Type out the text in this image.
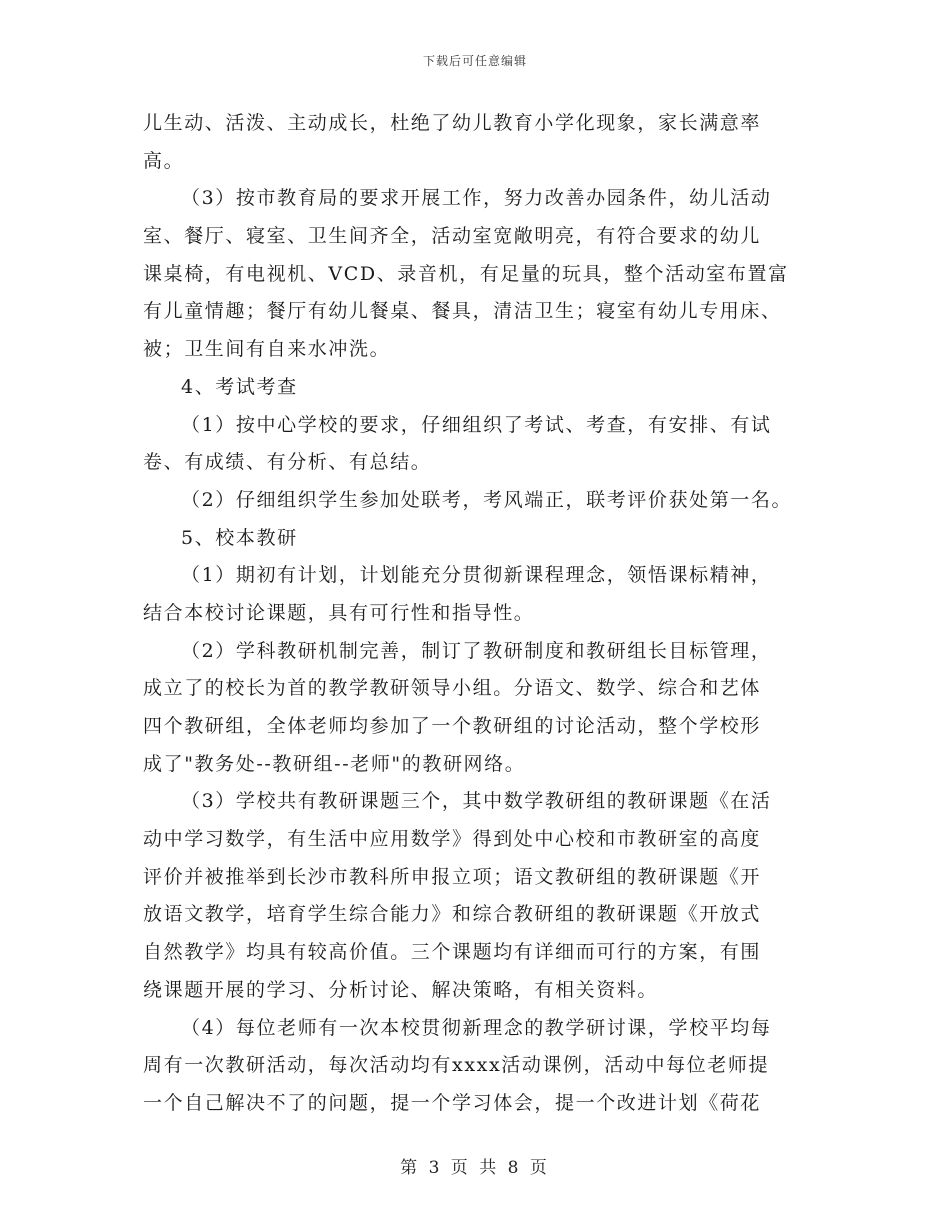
下载后可任意编辑
儿生动、活泼、主动成长，杜绝了幼儿教育小学化现象，家长满意率
高。
（3）按市教育局的要求开展工作，努力改善办园条件，幼儿活动
室、餐厅、寝室、卫生间齐全，活动室宽敞明亮，有符合要求的幼儿
课桌椅，有电视机、VCD、录音机，有足量的玩具，整个活动室布置富
有儿童情趣；餐厅有幼儿餐桌、餐具，清洁卫生；寝室有幼儿专用床、
被；卫生间有自来水冲洗。
4、考试考查
（1）按中心学校的要求，仔细组织了考试、考查，有安排、有试
卷、有成绩、有分析、有总结。
（2）仔细组织学生参加处联考，考风端正，联考评价获处第一名。
5、校本教研
（1）期初有计划，计划能充分贯彻新课程理念，领悟课标精神，
结合本校讨论课题，具有可行性和指导性。
（2）学科教研机制完善，制订了教研制度和教研组长目标管理，
成立了的校长为首的教学教研领导小组。分语文、数学、综合和艺体
四个教研组，全体老师均参加了一个教研组的讨论活动，整个学校形
成了"教务处--教研组--老师"的教研网络。
（3）学校共有教研课题三个，其中数学教研组的教研课题《在活
动中学习数学，有生活中应用数学》得到处中心校和市教研室的高度
评价并被推举到长沙市教科所申报立项；语文教研组的教研课题《开
放语文教学，培育学生综合能力》和综合教研组的教研课题《开放式
自然教学》均具有较高价值。三个课题均有详细而可行的方案，有围
绕课题开展的学习、分析讨论、解决策略，有相关资料。
（4）每位老师有一次本校贯彻新理念的教学研讨课，学校平均每
周有一次教研活动，每次活动均有xxxx活动课例，活动中每位老师提
一个自己解决不了的问题，提一个学习体会，提一个改进计划《荷花
第 3 页 共 8 页
